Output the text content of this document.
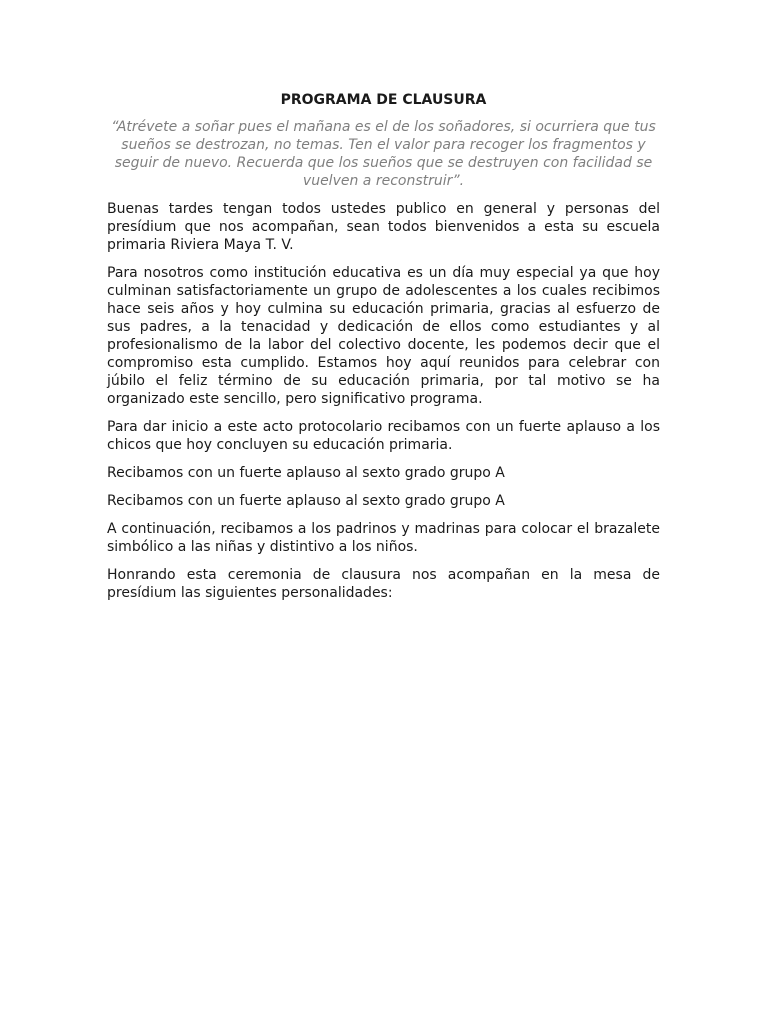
PROGRAMA DE CLAUSURA
“Atrévete a soñar pues el mañana es el de los soñadores, si ocurriera que tus sueños se destrozan, no temas. Ten el valor para recoger los fragmentos y seguir de nuevo. Recuerda que los sueños que se destruyen con facilidad se vuelven a reconstruir”.

Buenas tardes tengan todos ustedes publico en general y personas del presídium que nos acompañan, sean todos bienvenidos a esta su escuela primaria Riviera Maya T. V.

Para nosotros como institución educativa es un día muy especial ya que hoy culminan satisfactoriamente un grupo de adolescentes a los cuales recibimos hace seis años y hoy culmina su educación primaria, gracias al esfuerzo de sus padres, a la tenacidad y dedicación de ellos como estudiantes y al profesionalismo de la labor del colectivo docente, les podemos decir que el compromiso esta cumplido. Estamos hoy aquí reunidos para celebrar con júbilo el feliz término de su educación primaria, por tal motivo se ha organizado este sencillo, pero significativo programa.

Para dar inicio a este acto protocolario recibamos con un fuerte aplauso a los chicos que hoy concluyen su educación primaria.

Recibamos con un fuerte aplauso al sexto grado grupo A

Recibamos con un fuerte aplauso al sexto grado grupo A

A continuación, recibamos a los padrinos y madrinas para colocar el brazalete simbólico a las niñas y distintivo a los niños.

Honrando esta ceremonia de clausura nos acompañan en la mesa de presídium las siguientes personalidades:
